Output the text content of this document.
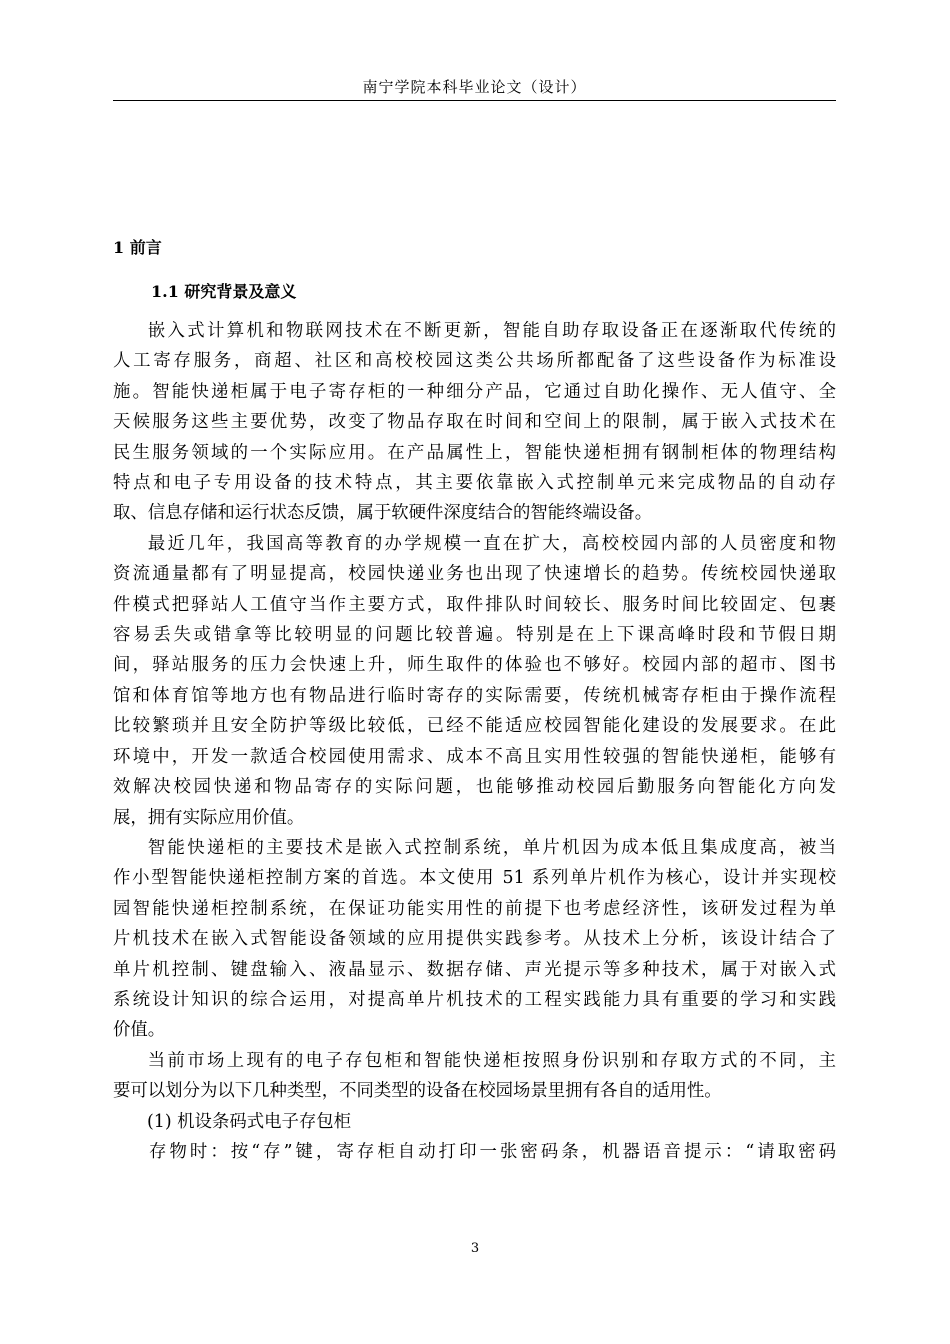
南宁学院本科毕业论文（设计）
1 前言
1.1 研究背景及意义
嵌入式计算机和物联网技术在不断更新，智能自助存取设备正在逐渐取代传统的
人工寄存服务，商超、社区和高校校园这类公共场所都配备了这些设备作为标准设
施。智能快递柜属于电子寄存柜的一种细分产品，它通过自助化操作、无人值守、全
天候服务这些主要优势，改变了物品存取在时间和空间上的限制，属于嵌入式技术在
民生服务领域的一个实际应用。在产品属性上，智能快递柜拥有钢制柜体的物理结构
特点和电子专用设备的技术特点，其主要依靠嵌入式控制单元来完成物品的自动存
取、信息存储和运行状态反馈，属于软硬件深度结合的智能终端设备。
最近几年，我国高等教育的办学规模一直在扩大，高校校园内部的人员密度和物
资流通量都有了明显提高，校园快递业务也出现了快速增长的趋势。传统校园快递取
件模式把驿站人工值守当作主要方式，取件排队时间较长、服务时间比较固定、包裹
容易丢失或错拿等比较明显的问题比较普遍。特别是在上下课高峰时段和节假日期
间，驿站服务的压力会快速上升，师生取件的体验也不够好。校园内部的超市、图书
馆和体育馆等地方也有物品进行临时寄存的实际需要，传统机械寄存柜由于操作流程
比较繁琐并且安全防护等级比较低，已经不能适应校园智能化建设的发展要求。在此
环境中，开发一款适合校园使用需求、成本不高且实用性较强的智能快递柜，能够有
效解决校园快递和物品寄存的实际问题，也能够推动校园后勤服务向智能化方向发
展，拥有实际应用价值。
智能快递柜的主要技术是嵌入式控制系统，单片机因为成本低且集成度高，被当
作小型智能快递柜控制方案的首选。本文使用 51 系列单片机作为核心，设计并实现校
园智能快递柜控制系统，在保证功能实用性的前提下也考虑经济性，该研发过程为单
片机技术在嵌入式智能设备领域的应用提供实践参考。从技术上分析，该设计结合了
单片机控制、键盘输入、液晶显示、数据存储、声光提示等多种技术，属于对嵌入式
系统设计知识的综合运用，对提高单片机技术的工程实践能力具有重要的学习和实践
价值。
当前市场上现有的电子存包柜和智能快递柜按照身份识别和存取方式的不同，主
要可以划分为以下几种类型，不同类型的设备在校园场景里拥有各自的适用性。
(1) 机设条码式电子存包柜
存物时：按“存”键，寄存柜自动打印一张密码条，机器语音提示：“请取密码
3
